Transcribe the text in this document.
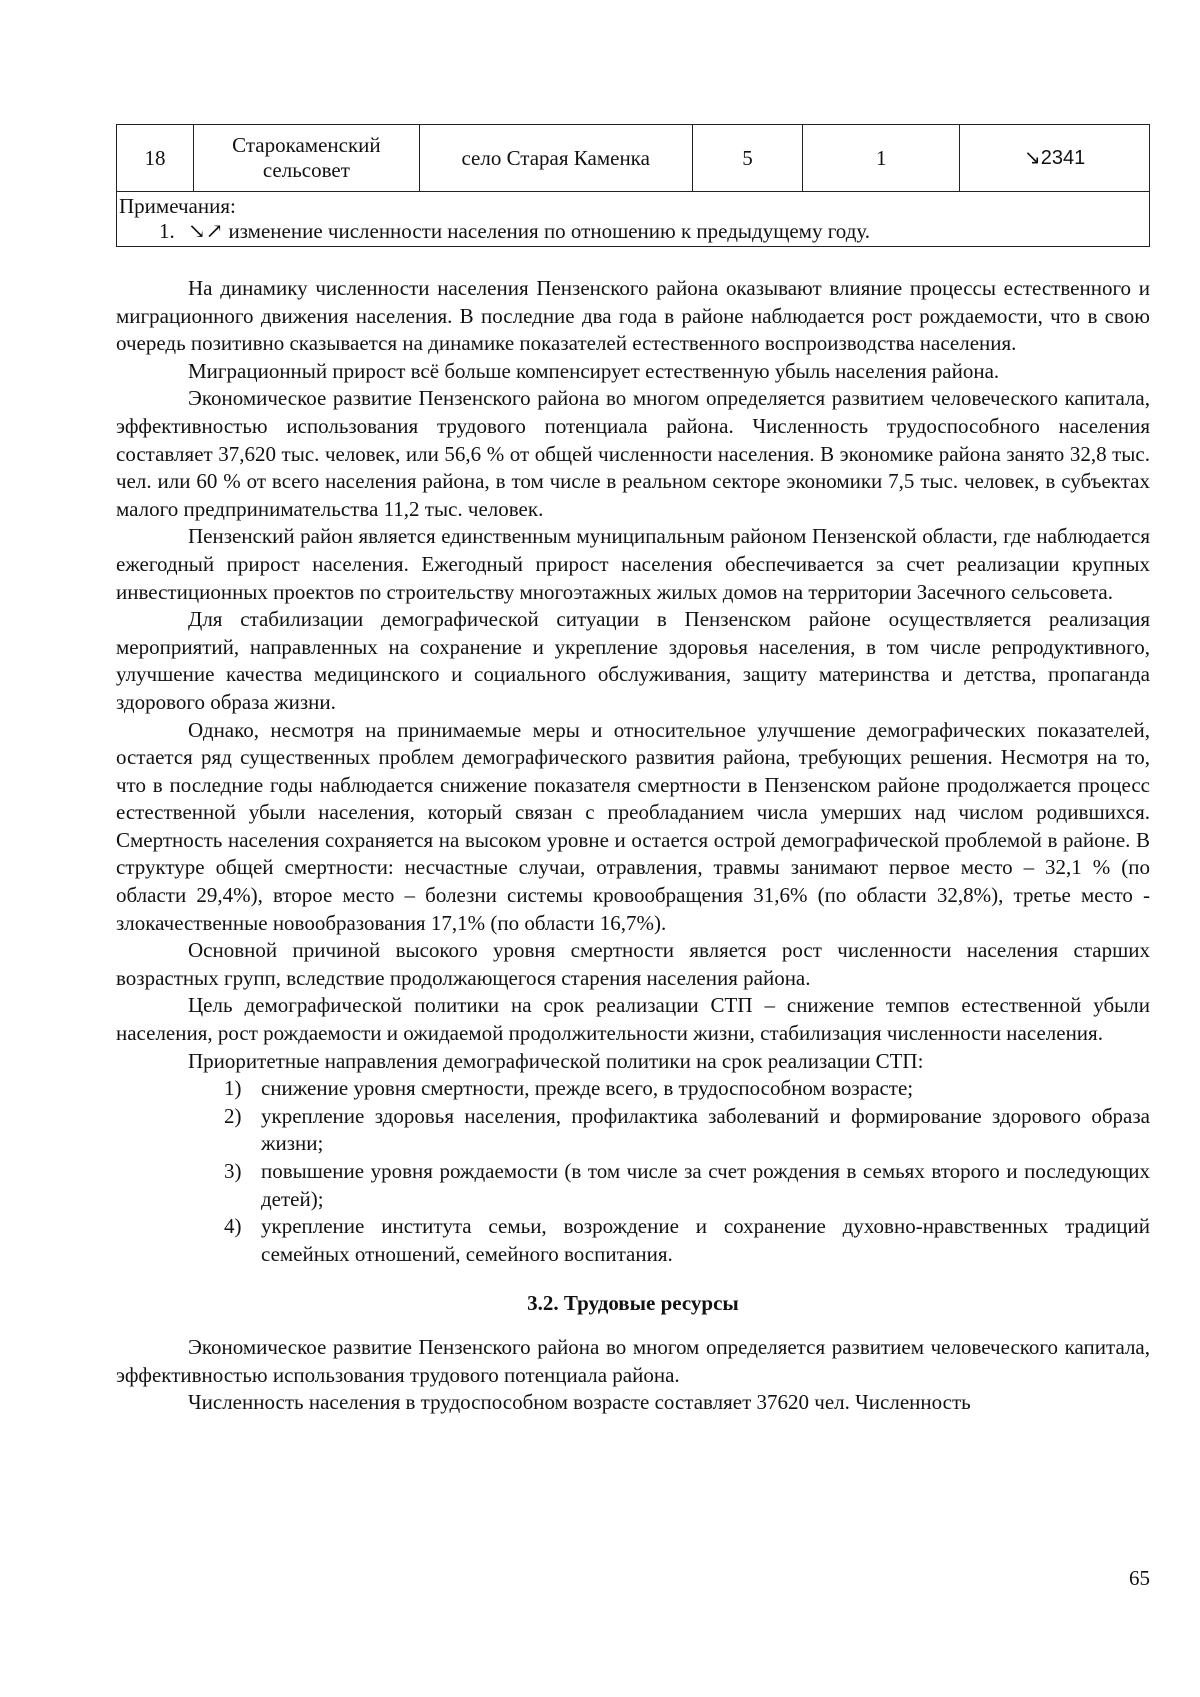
18	Старокаменский сельсовет	село Старая Каменка	5	1	↘2341

Примечания:
1. ↘↗ изменение численности населения по отношению к предыдущему году.

На динамику численности населения Пензенского района оказывают влияние процессы естественного и миграционного движения населения. В последние два года в районе наблюдается рост рождаемости, что в свою очередь позитивно сказывается на динамике показателей естественного воспроизводства населения.

Миграционный прирост всё больше компенсирует естественную убыль населения района.

Экономическое развитие Пензенского района во многом определяется развитием человеческого капитала, эффективностью использования трудового потенциала района. Численность трудоспособного населения составляет 37,620 тыс. человек, или 56,6 % от общей численности населения. В экономике района занято 32,8 тыс. чел. или 60 % от всего населения района, в том числе в реальном секторе экономики 7,5 тыс. человек, в субъектах малого предпринимательства 11,2 тыс. человек.

Пензенский район является единственным муниципальным районом Пензенской области, где наблюдается ежегодный прирост населения. Ежегодный прирост населения обеспечивается за счет реализации крупных инвестиционных проектов по строительству многоэтажных жилых домов на территории Засечного сельсовета.

Для стабилизации демографической ситуации в Пензенском районе осуществляется реализация мероприятий, направленных на сохранение и укрепление здоровья населения, в том числе репродуктивного, улучшение качества медицинского и социального обслуживания, защиту материнства и детства, пропаганда здорового образа жизни.

Однако, несмотря на принимаемые меры и относительное улучшение демографических показателей, остается ряд существенных проблем демографического развития района, требующих решения. Несмотря на то, что в последние годы наблюдается снижение показателя смертности в Пензенском районе продолжается процесс естественной убыли населения, который связан с преобладанием числа умерших над числом родившихся. Смертность населения сохраняется на высоком уровне и остается острой демографической проблемой в районе. В структуре общей смертности: несчастные случаи, отравления, травмы занимают первое место – 32,1 % (по области 29,4%), второе место – болезни системы кровообращения 31,6% (по области 32,8%), третье место - злокачественные новообразования 17,1% (по области 16,7%).

Основной причиной высокого уровня смертности является рост численности населения старших возрастных групп, вследствие продолжающегося старения населения района.

Цель демографической политики на срок реализации СТП – снижение темпов естественной убыли населения, рост рождаемости и ожидаемой продолжительности жизни, стабилизация численности населения.

Приоритетные направления демографической политики на срок реализации СТП:

1) снижение уровня смертности, прежде всего, в трудоспособном возрасте;
2) укрепление здоровья населения, профилактика заболеваний и формирование здорового образа жизни;
3) повышение уровня рождаемости (в том числе за счет рождения в семьях второго и последующих детей);
4) укрепление института семьи, возрождение и сохранение духовно-нравственных традиций семейных отношений, семейного воспитания.
3.2. Трудовые ресурсы

Экономическое развитие Пензенского района во многом определяется развитием человеческого капитала, эффективностью использования трудового потенциала района.

Численность населения в трудоспособном возрасте составляет 37620 чел. Численность

65
